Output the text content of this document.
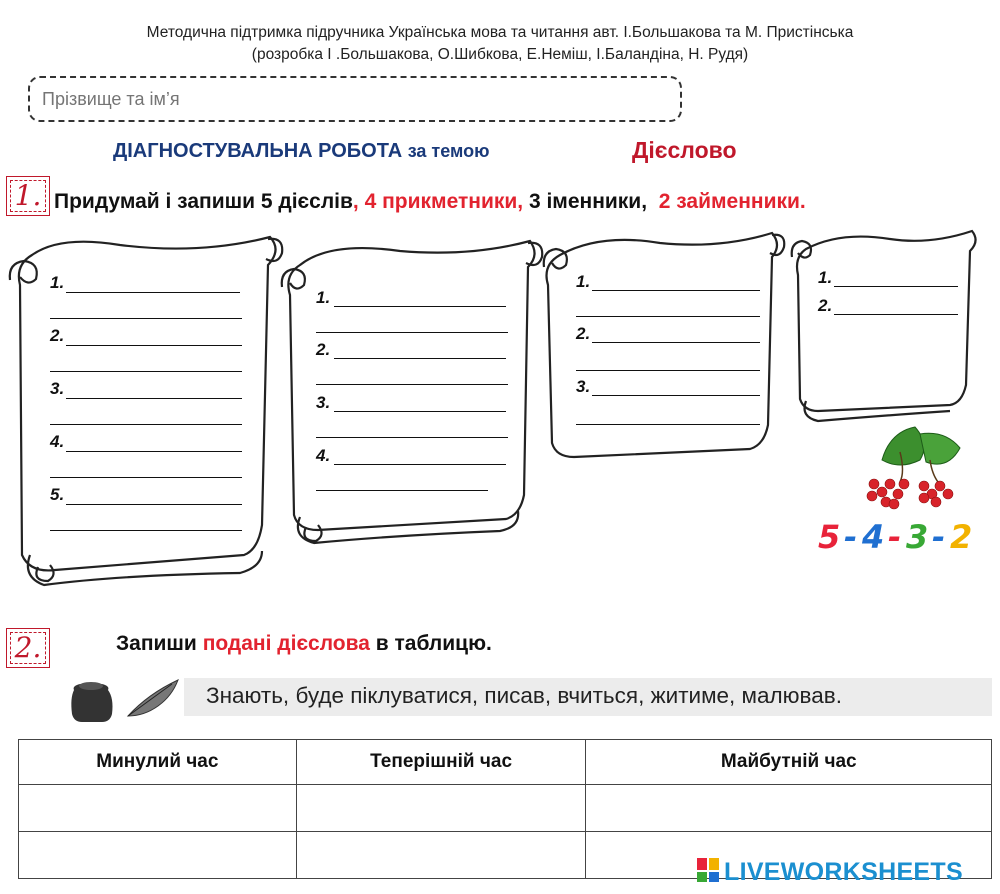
Методична підтримка підручника Українська мова та читання авт. І.Большакова та М. Пристінська
(розробка І .Большакова, О.Шибкова, Е.Неміш, І.Баландіна, Н. Рудя)
Прізвище та ім’я
ДІАГНОСТУВАЛЬНА РОБОТА за темою	Дієслово
1. Придумай і запиши 5 дієслів, 4 прикметники, 3 іменники, 2 займенники.
1.
2.
3.
4.
5.
1.
2.
3.
4.
1.
2.
3.
1.
2.
5 - 4 - 3 - 2
2.	Запиши подані дієслова в таблицю.
Знають, буде піклуватися, писав, вчиться, житиме, малював.
Минулий час	Теперішній час	Майбутній час

LIVEWORKSHEETS
